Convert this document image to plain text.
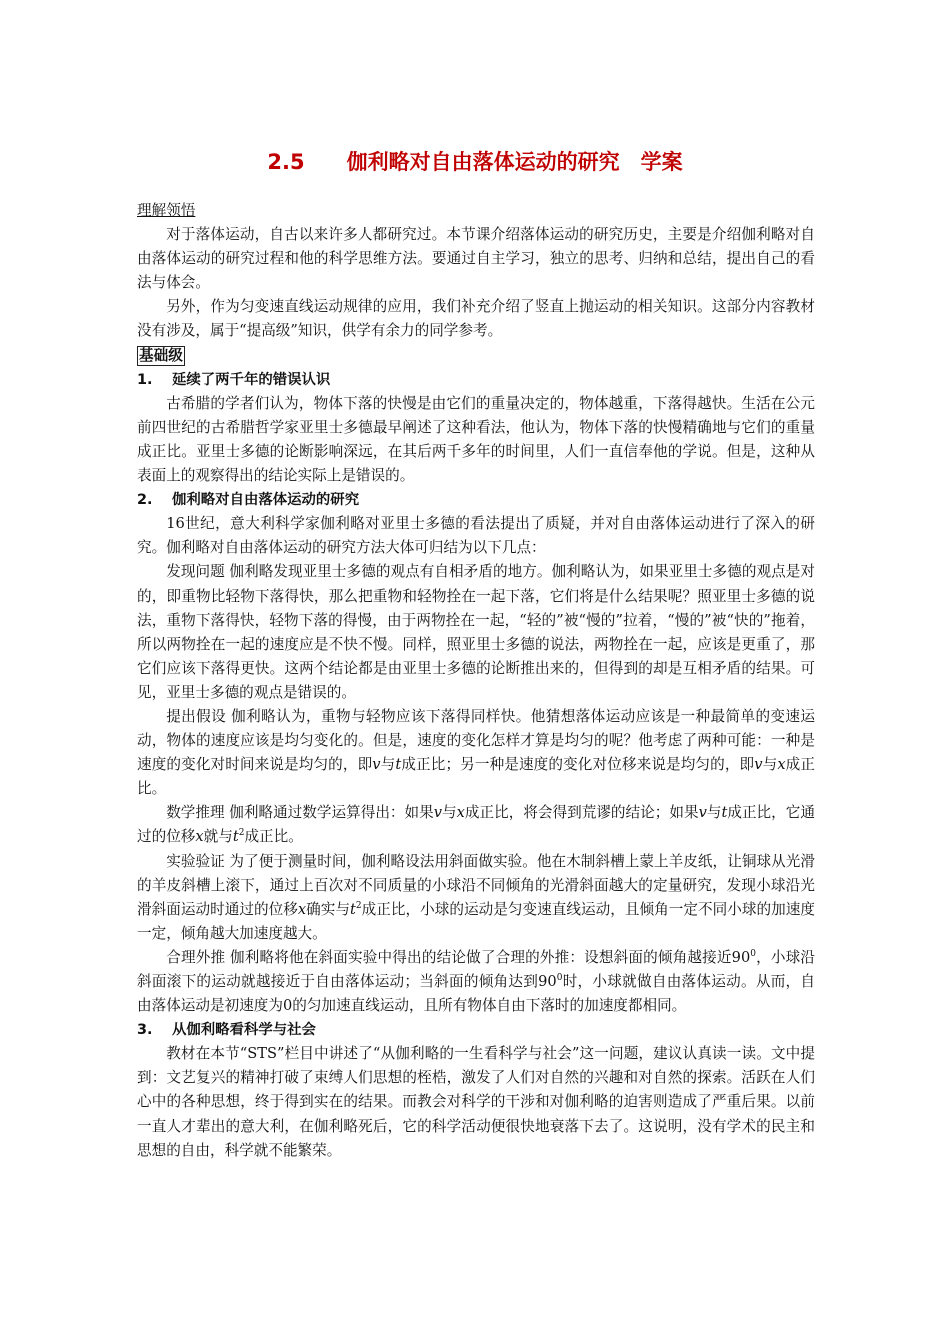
2.5　　伽利略对自由落体运动的研究　学案
理解领悟

对于落体运动，自古以来许多人都研究过。本节课介绍落体运动的研究历史，主要是介绍伽利略对自由落体运动的研究过程和他的科学思维方法。要通过自主学习，独立的思考、归纳和总结，提出自己的看法与体会。

另外，作为匀变速直线运动规律的应用，我们补充介绍了竖直上抛运动的相关知识。这部分内容教材没有涉及，属于“提高级”知识，供学有余力的同学参考。

基础级
1. 延续了两千年的错误认识

古希腊的学者们认为，物体下落的快慢是由它们的重量决定的，物体越重，下落得越快。生活在公元前四世纪的古希腊哲学家亚里士多德最早阐述了这种看法，他认为，物体下落的快慢精确地与它们的重量成正比。亚里士多德的论断影响深远，在其后两千多年的时间里，人们一直信奉他的学说。但是，这种从表面上的观察得出的结论实际上是错误的。

2. 伽利略对自由落体运动的研究

16世纪，意大利科学家伽利略对亚里士多德的看法提出了质疑，并对自由落体运动进行了深入的研究。伽利略对自由落体运动的研究方法大体可归结为以下几点：

发现问题 伽利略发现亚里士多德的观点有自相矛盾的地方。伽利略认为，如果亚里士多德的观点是对的，即重物比轻物下落得快，那么把重物和轻物拴在一起下落，它们将是什么结果呢？照亚里士多德的说法，重物下落得快，轻物下落的得慢，由于两物拴在一起，“轻的”被“慢的”拉着，“慢的”被“快的”拖着，所以两物拴在一起的速度应是不快不慢。同样，照亚里士多德的说法，两物拴在一起，应该是更重了，那它们应该下落得更快。这两个结论都是由亚里士多德的论断推出来的，但得到的却是互相矛盾的结果。可见，亚里士多德的观点是错误的。

提出假设 伽利略认为，重物与轻物应该下落得同样快。他猜想落体运动应该是一种最简单的变速运动，物体的速度应该是均匀变化的。但是，速度的变化怎样才算是均匀的呢？他考虑了两种可能：一种是速度的变化对时间来说是均匀的，即v与t成正比；另一种是速度的变化对位移来说是均匀的，即v与x成正比。

数学推理 伽利略通过数学运算得出：如果v与x成正比，将会得到荒谬的结论；如果v与t成正比，它通过的位移x就与$t^2$成正比。

实验验证 为了便于测量时间，伽利略设法用斜面做实验。他在木制斜槽上蒙上羊皮纸，让铜球从光滑的羊皮斜槽上滚下，通过上百次对不同质量的小球沿不同倾角的光滑斜面越大的定量研究，发现小球沿光滑斜面运动时通过的位移x确实与$t^2$成正比，小球的运动是匀变速直线运动，且倾角一定不同小球的加速度一定，倾角越大加速度越大。

合理外推 伽利略将他在斜面实验中得出的结论做了合理的外推：设想斜面的倾角越接近$90^0$，小球沿斜面滚下的运动就越接近于自由落体运动；当斜面的倾角达到$90^0$时，小球就做自由落体运动。从而，自由落体运动是初速度为0的匀加速直线运动，且所有物体自由下落时的加速度都相同。

3. 从伽利略看科学与社会

教材在本节“STS”栏目中讲述了“从伽利略的一生看科学与社会”这一问题，建议认真读一读。文中提到：文艺复兴的精神打破了束缚人们思想的桎梏，激发了人们对自然的兴趣和对自然的探索。活跃在人们心中的各种思想，终于得到实在的结果。而教会对科学的干涉和对伽利略的迫害则造成了严重后果。以前一直人才辈出的意大利，在伽利略死后，它的科学活动便很快地衰落下去了。这说明，没有学术的民主和思想的自由，科学就不能繁荣。
